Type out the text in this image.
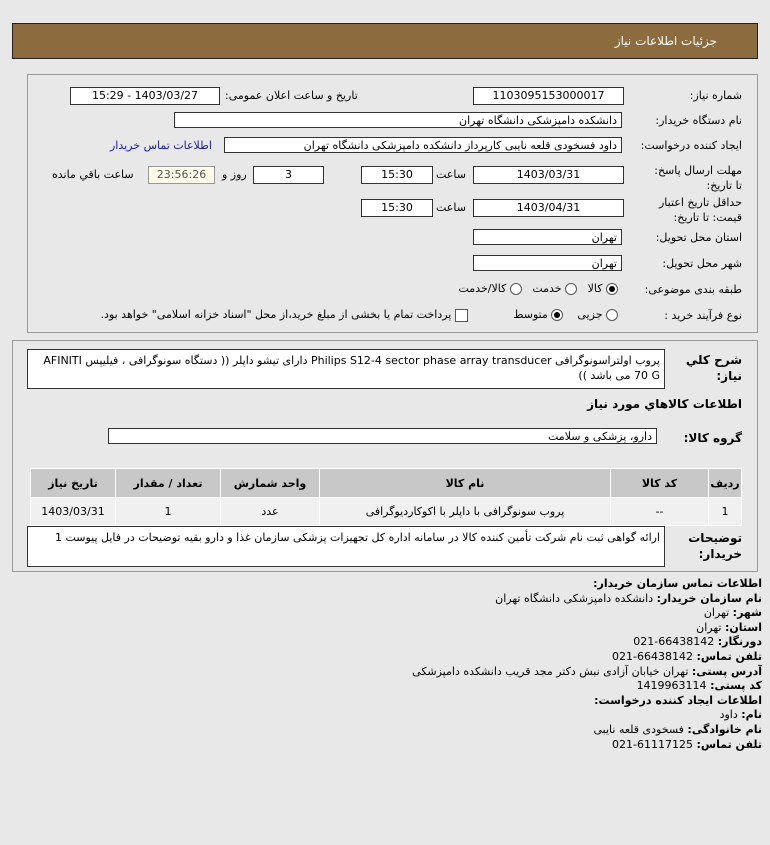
جزئیات اطلاعات نیاز
شماره نیاز:
1103095153000017
تاریخ و ساعت اعلان عمومی:
1403/03/27 - 15:29
نام دستگاه خریدار:
دانشکده دامپزشکی دانشگاه تهران
ایجاد کننده درخواست:
داود فسخودی قلعه نایبی کارپرداز دانشکده دامپزشکی دانشگاه تهران
اطلاعات تماس خریدار
مهلت ارسال پاسخ: تا تاریخ:
1403/03/31
ساعت
15:30
3
روز و
23:56:26
ساعت باقي مانده
حداقل تاریخ اعتبار قیمت: تا تاریخ:
1403/04/31
ساعت
15:30
استان محل تحویل:
تهران
شهر محل تحویل:
تهران
طبقه بندی موضوعی:
کالا    خدمت    کالا/خدمت
نوع فرآیند خرید :
جزیی     متوسط              پرداخت تمام یا بخشی از مبلغ خرید،از محل "اسناد خزانه اسلامی" خواهد بود.
شرح کلي نیاز:
پروب اولتراسونوگرافی Philips S12-4 sector phase array transducer دارای تیشو داپلر (( دستگاه سونوگرافی ، فیلیپس AFINITI 70 G می باشد ))
اطلاعات کالاهاي مورد نیاز
گروه کالا:
دارو، پزشکی و سلامت
ردیف	کد کالا	نام کالا	واحد شمارش	تعداد / مقدار	تاریخ نیاز
1	--	پروب سونوگرافی با داپلر با اکوکاردیوگرافی	عدد	1	1403/03/31
توضیحات خریدار:
ارائه گواهی ثبت نام شرکت تأمین کننده کالا در سامانه اداره کل تجهیزات پزشکی سازمان غذا و دارو بقیه توضیحات در فایل پیوست 1
اطلاعات تماس سازمان خریدار:
نام سازمان خریدار: دانشکده دامپزشکی دانشگاه تهران
شهر: تهران
استان: تهران
دورنگار: 66438142-021
تلفن تماس: 66438142-021
آدرس پستی: تهران خیابان آزادی نبش دکتر مجد قریب دانشکده دامپزشکی
کد پستی: 1419963114
اطلاعات ایجاد کننده درخواست:
نام: داود
نام خانوادگی: فسخودی قلعه نایبی
تلفن تماس: 61117125-021
